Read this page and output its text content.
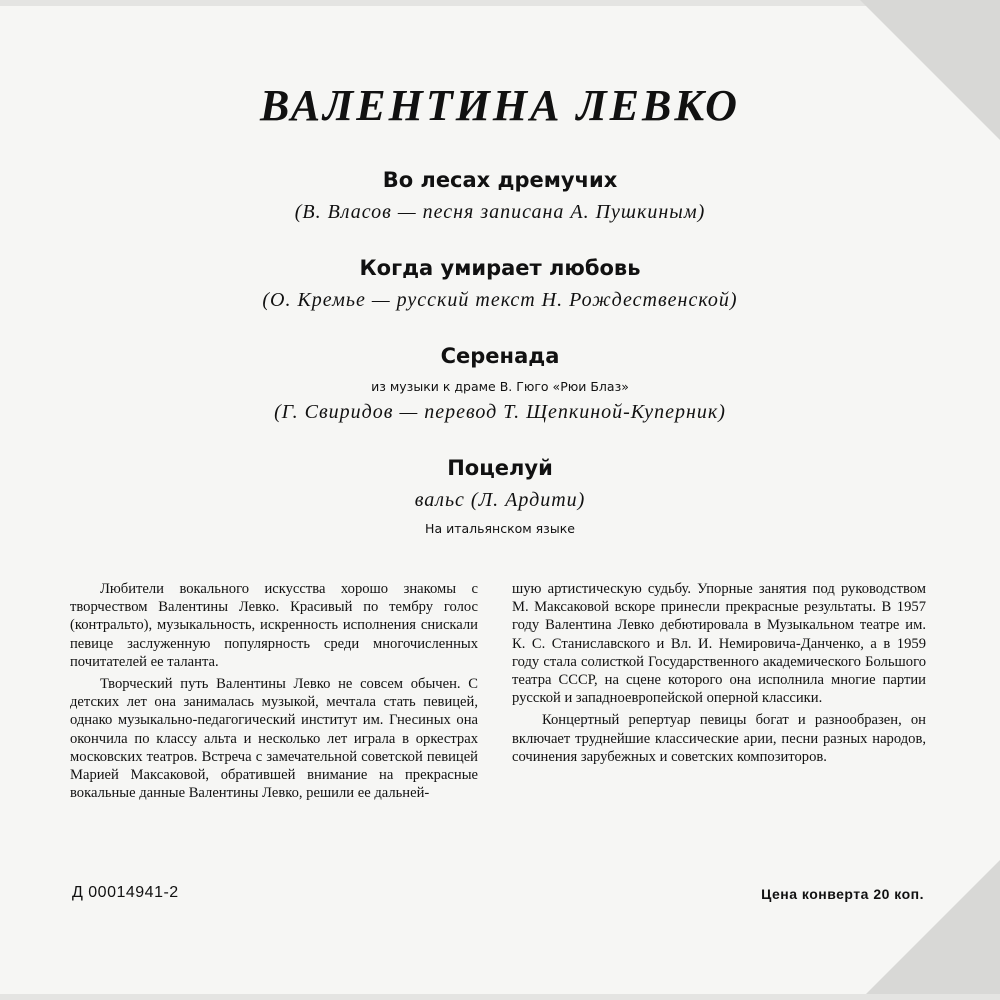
ВАЛЕНТИНА ЛЕВКО
Во лесах дремучих
(В. Власов — песня записана А. Пушкиным)
Когда умирает любовь
(О. Кремье — русский текст Н. Рождественской)
Серенада
из музыки к драме В. Гюго «Рюи Блаз»
(Г. Свиридов — перевод Т. Щепкиной-Куперник)
Поцелуй
вальс (Л. Ардити)
На итальянском языке

Любители вокального искусства хорошо знакомы с творчеством Валентины Левко. Красивый по тембру голос (контральто), музыкальность, искренность исполнения снискали певице заслуженную популярность среди многочисленных почитателей ее таланта.

Творческий путь Валентины Левко не совсем обычен. С детских лет она занималась музыкой, мечтала стать певицей, однако музыкально-педагогический институт им. Гнесиных она окончила по классу альта и несколько лет играла в оркестрах московских театров. Встреча с замечательной советской певицей Марией Максаковой, обратившей внимание на прекрасные вокальные данные Валентины Левко, решили ее дальней-

шую артистическую судьбу. Упорные занятия под руководством М. Максаковой вскоре принесли прекрасные результаты. В 1957 году Валентина Левко дебютировала в Музыкальном театре им. К. С. Станиславского и Вл. И. Немировича-Данченко, а в 1959 году стала солисткой Государственного академического Большого театра СССР, на сцене которого она исполнила многие партии русской и западноевропейской оперной классики.

Концертный репертуар певицы богат и разнообразен, он включает труднейшие классические арии, песни разных народов, сочинения зарубежных и советских композиторов.

Д 00014941-2	Цена конверта 20 коп.
